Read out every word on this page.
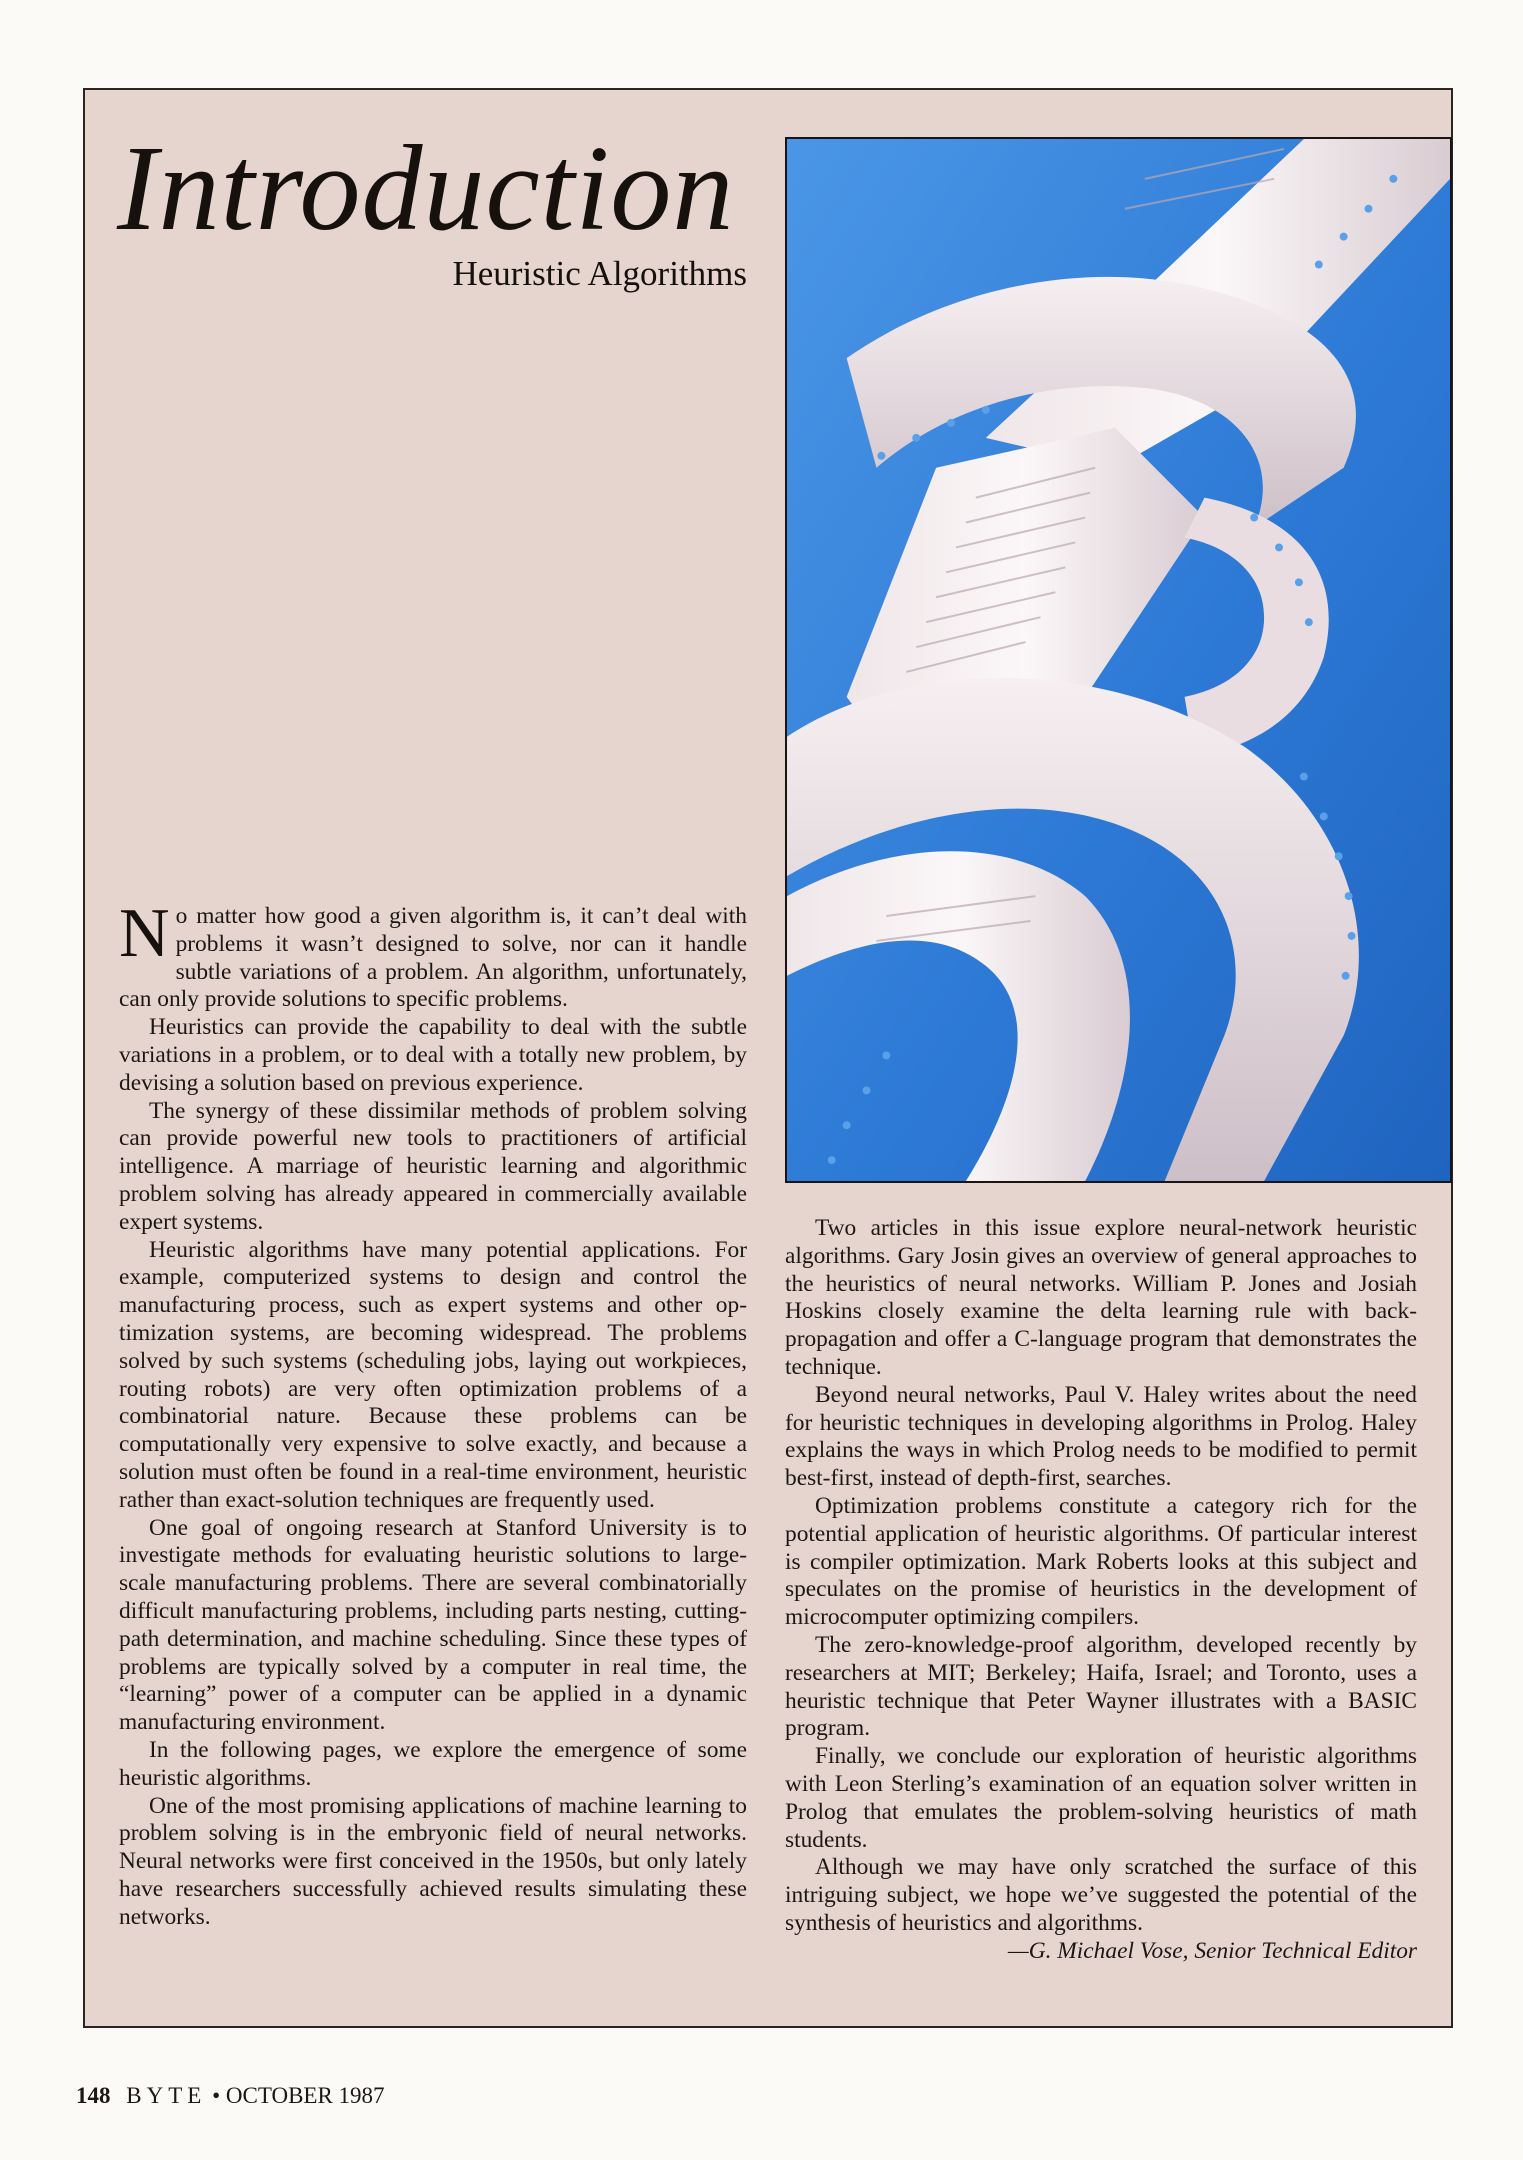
Introduction
Heuristic Algorithms

No matter how good a given algorithm is, it can’t deal with problems it wasn’t designed to solve, nor can it handle subtle variations of a problem. An algorithm, unfortunately, can only provide solutions to specific problems.

Heuristics can provide the capability to deal with the subtle variations in a problem, or to deal with a totally new problem, by devising a solution based on previous experience.

The synergy of these dissimilar methods of problem solving can provide powerful new tools to practitioners of artificial intelligence. A marriage of heuristic learning and algorithmic problem solving has already appeared in commercially available expert systems.

Heuristic algorithms have many potential applications. For example, computerized systems to design and control the manufacturing process, such as expert systems and other optimization systems, are becoming widespread. The problems solved by such systems (scheduling jobs, laying out workpieces, routing robots) are very often optimization problems of a combinatorial nature. Because these problems can be computationally very expensive to solve exactly, and because a solution must often be found in a real-time environment, heuristic rather than exact-solution techniques are frequently used.

One goal of ongoing research at Stanford University is to investigate methods for evaluating heuristic solutions to large-scale manufacturing problems. There are several combinatorially difficult manufacturing problems, including parts nesting, cutting-path determination, and machine scheduling. Since these types of problems are typically solved by a computer in real time, the “learning” power of a computer can be applied in a dynamic manufacturing environment.

In the following pages, we explore the emergence of some heuristic algorithms.

One of the most promising applications of machine learning to problem solving is in the embryonic field of neural networks. Neural networks were first conceived in the 1950s, but only lately have researchers successfully achieved results simulating these networks.

Two articles in this issue explore neural-network heuristic algorithms. Gary Josin gives an overview of general approaches to the heuristics of neural networks. William P. Jones and Josiah Hoskins closely examine the delta learning rule with back-propagation and offer a C-language program that demonstrates the technique.

Beyond neural networks, Paul V. Haley writes about the need for heuristic techniques in developing algorithms in Prolog. Haley explains the ways in which Prolog needs to be modified to permit best-first, instead of depth-first, searches.

Optimization problems constitute a category rich for the potential application of heuristic algorithms. Of particular interest is compiler optimization. Mark Roberts looks at this subject and speculates on the promise of heuristics in the development of microcomputer optimizing compilers.

The zero-knowledge-proof algorithm, developed recently by researchers at MIT; Berkeley; Haifa, Israel; and Toronto, uses a heuristic technique that Peter Wayner illustrates with a BASIC program.

Finally, we conclude our exploration of heuristic algorithms with Leon Sterling’s examination of an equation solver written in Prolog that emulates the problem-solving heuristics of math students.

Although we may have only scratched the surface of this intriguing subject, we hope we’ve suggested the potential of the synthesis of heuristics and algorithms.

—G. Michael Vose, Senior Technical Editor

148 BYTE • OCTOBER 1987
